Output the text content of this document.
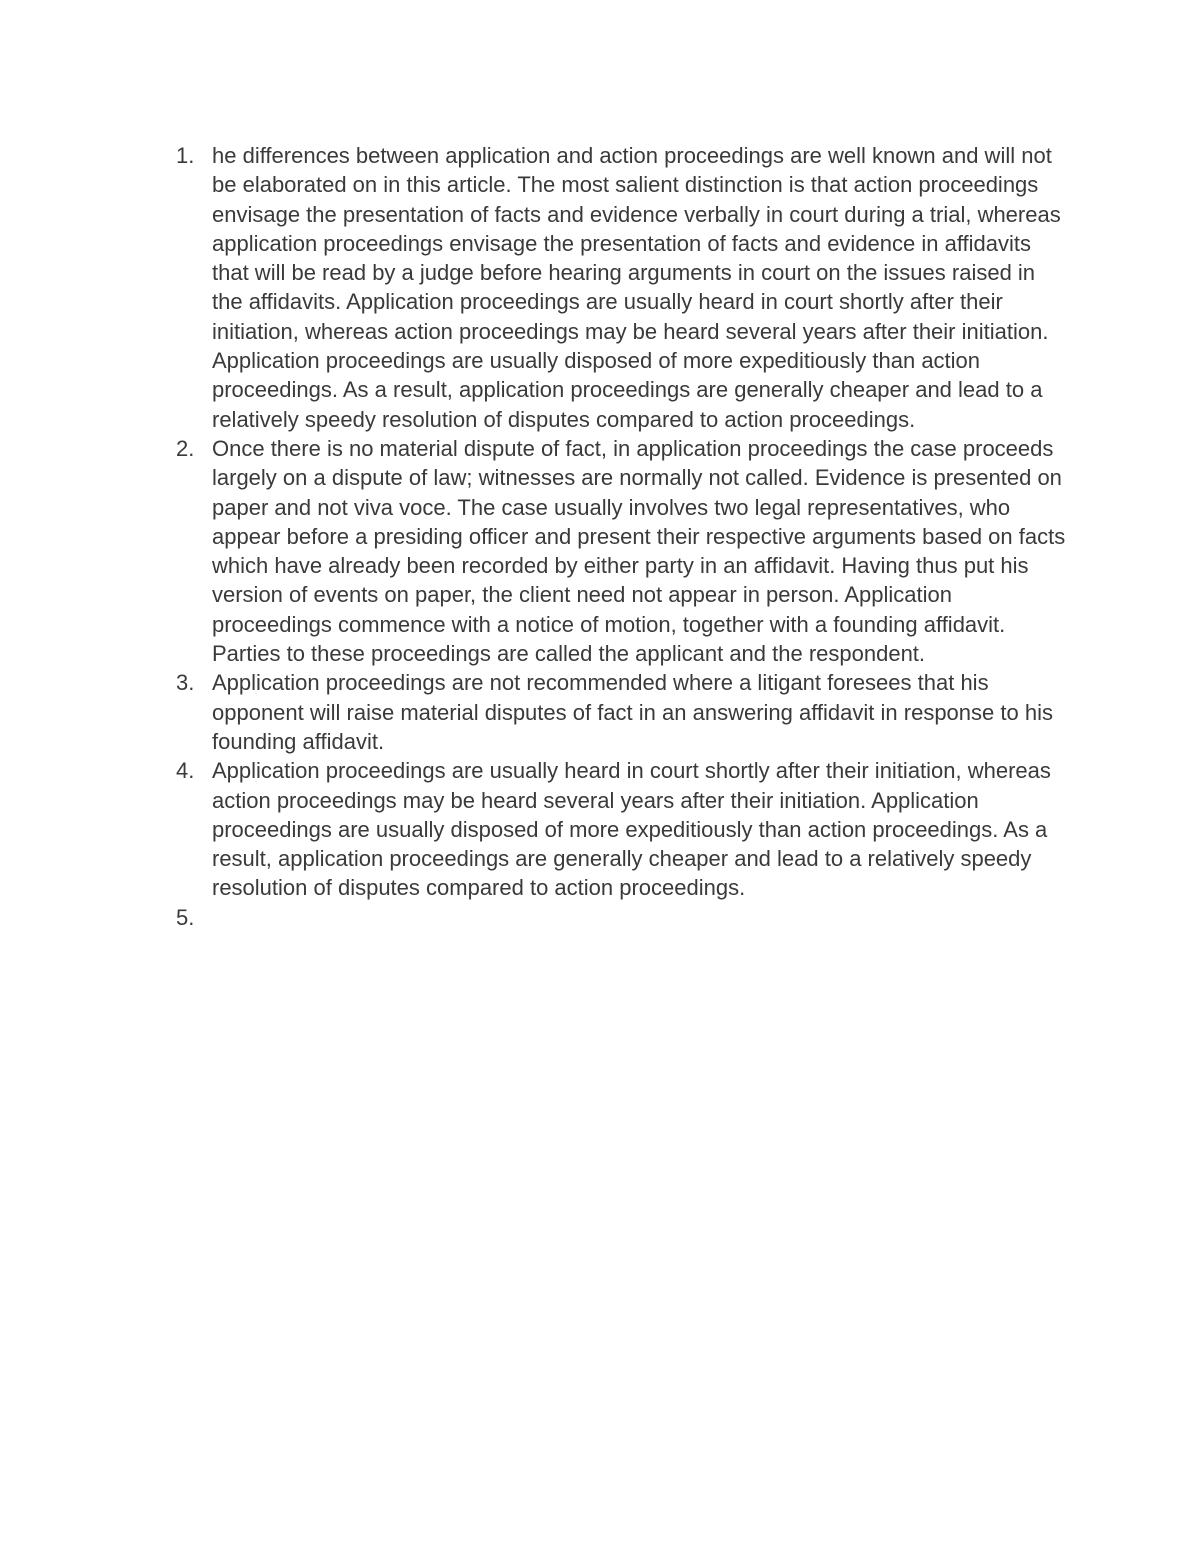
1. he differences between application and action proceedings are well known and will not be elaborated on in this article. The most salient distinction is that action proceedings envisage the presentation of facts and evidence verbally in court during a trial, whereas application proceedings envisage the presentation of facts and evidence in affidavits that will be read by a judge before hearing arguments in court on the issues raised in the affidavits. Application proceedings are usually heard in court shortly after their initiation, whereas action proceedings may be heard several years after their initiation. Application proceedings are usually disposed of more expeditiously than action proceedings. As a result, application proceedings are generally cheaper and lead to a relatively speedy resolution of disputes compared to action proceedings.
2. Once there is no material dispute of fact, in application proceedings the case proceeds largely on a dispute of law; witnesses are normally not called. Evidence is presented on paper and not viva voce. The case usually involves two legal representatives, who appear before a presiding officer and present their respective arguments based on facts which have already been recorded by either party in an affidavit. Having thus put his version of events on paper, the client need not appear in person. Application proceedings commence with a notice of motion, together with a founding affidavit. Parties to these proceedings are called the applicant and the respondent.
3. Application proceedings are not recommended where a litigant foresees that his opponent will raise material disputes of fact in an answering affidavit in response to his founding affidavit.
4. Application proceedings are usually heard in court shortly after their initiation, whereas action proceedings may be heard several years after their initiation. Application proceedings are usually disposed of more expeditiously than action proceedings. As a result, application proceedings are generally cheaper and lead to a relatively speedy resolution of disputes compared to action proceedings.
5.
